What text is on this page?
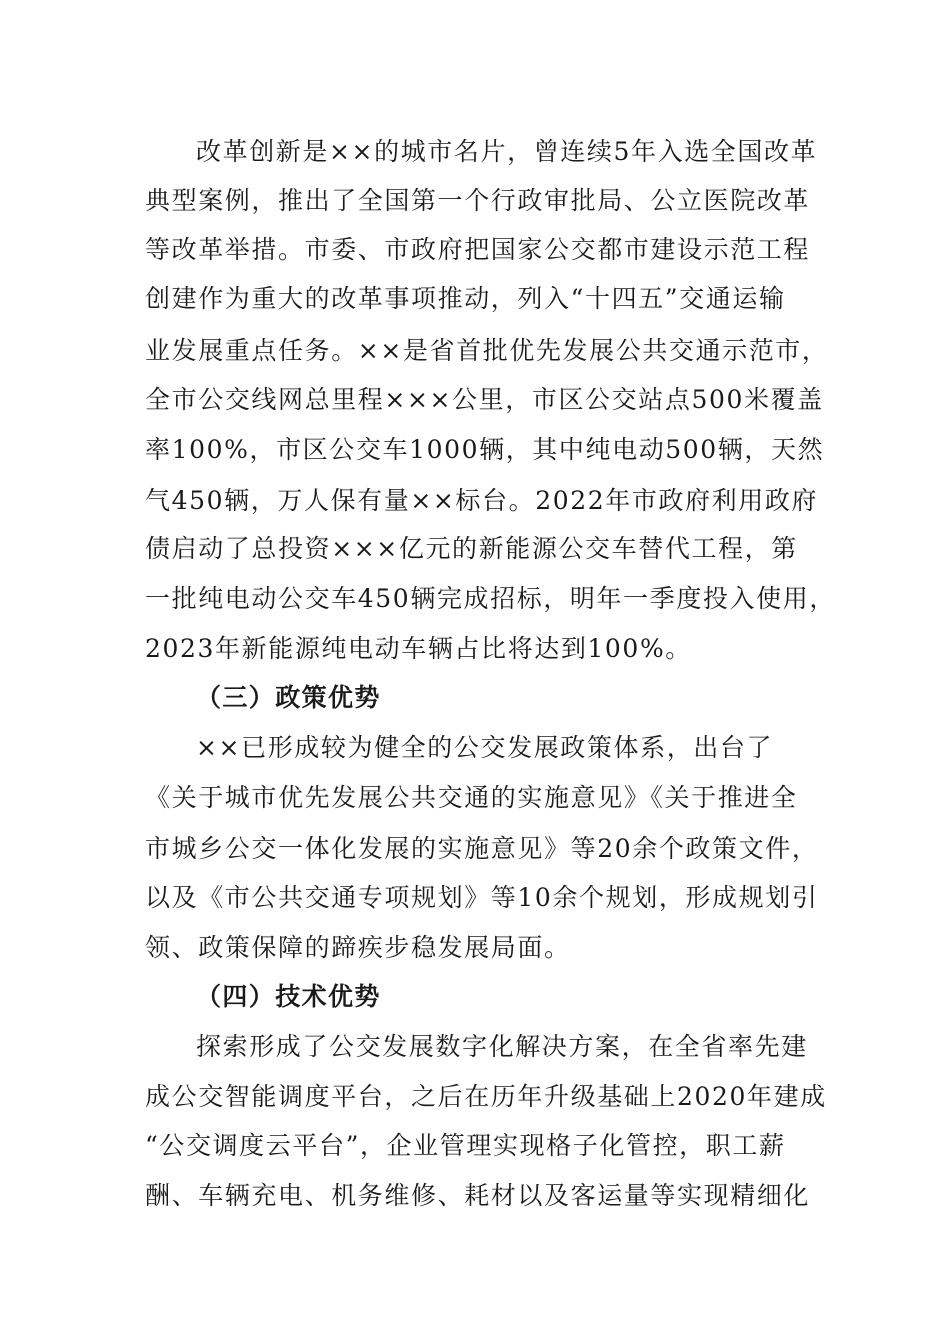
改革创新是××的城市名片，曾连续5年入选全国改革
典型案例，推出了全国第一个行政审批局、公立医院改革
等改革举措。市委、市政府把国家公交都市建设示范工程
创建作为重大的改革事项推动，列入“十四五”交通运输
业发展重点任务。××是省首批优先发展公共交通示范市，
全市公交线网总里程×××公里，市区公交站点500米覆盖
率100%，市区公交车1000辆，其中纯电动500辆，天然
气450辆，万人保有量××标台。2022年市政府利用政府
债启动了总投资×××亿元的新能源公交车替代工程，第
一批纯电动公交车450辆完成招标，明年一季度投入使用，
2023年新能源纯电动车辆占比将达到100%。
（三）政策优势
××已形成较为健全的公交发展政策体系，出台了
《关于城市优先发展公共交通的实施意见》《关于推进全
市城乡公交一体化发展的实施意见》等20余个政策文件，
以及《市公共交通专项规划》等10余个规划，形成规划引
领、政策保障的蹄疾步稳发展局面。
（四）技术优势
探索形成了公交发展数字化解决方案，在全省率先建
成公交智能调度平台，之后在历年升级基础上2020年建成
“公交调度云平台”，企业管理实现格子化管控，职工薪
酬、车辆充电、机务维修、耗材以及客运量等实现精细化
